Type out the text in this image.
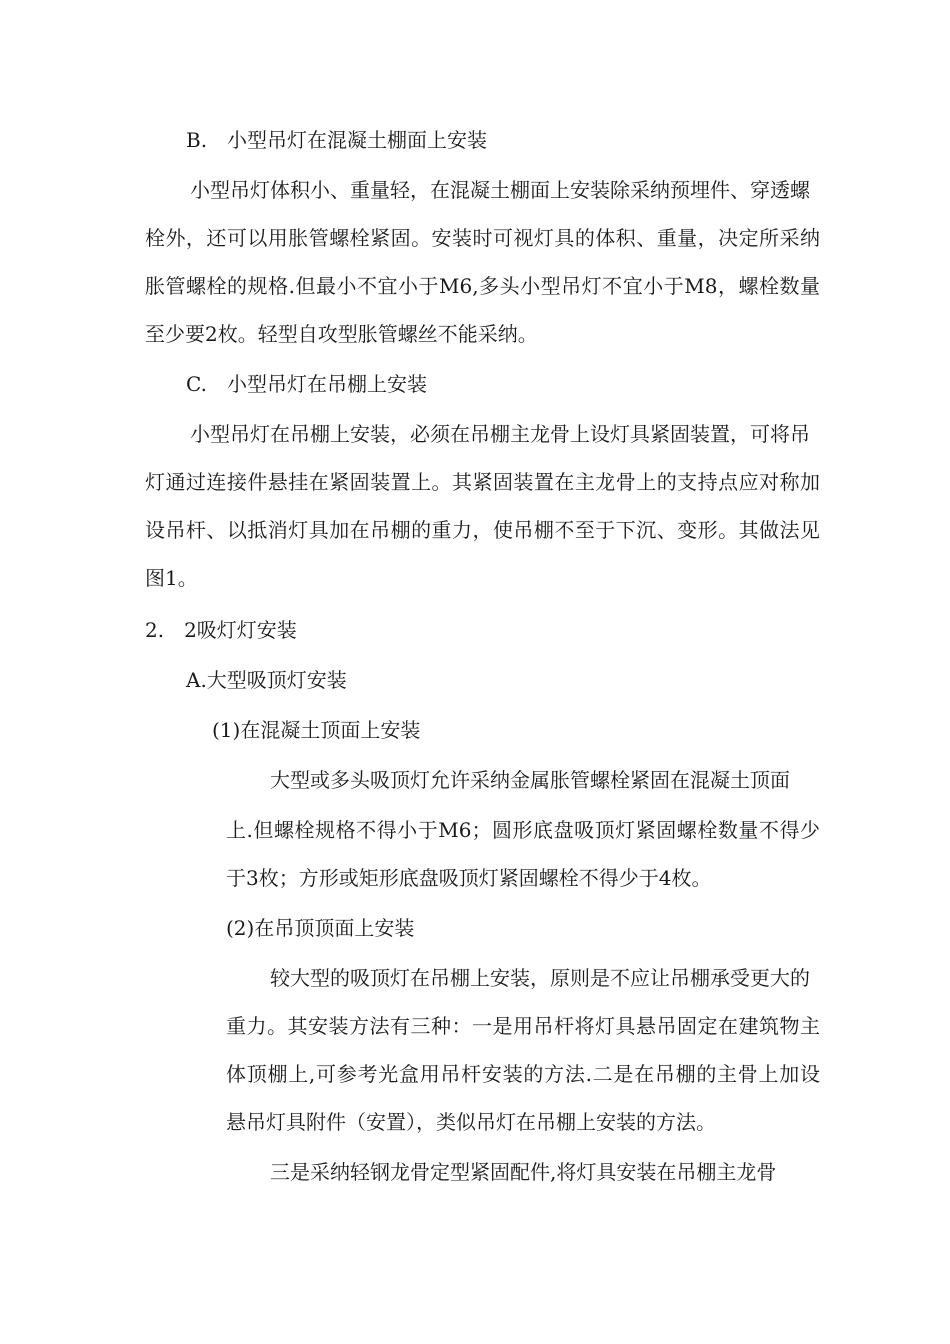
B.　小型吊灯在混凝土棚面上安装
小型吊灯体积小、重量轻，在混凝土棚面上安装除采纳预埋件、穿透螺
栓外，还可以用胀管螺栓紧固。安装时可视灯具的体积、重量，决定所采纳
胀管螺栓的规格.但最小不宜小于M6,多头小型吊灯不宜小于M8，螺栓数量
至少要2枚。轻型自攻型胀管螺丝不能采纳。
C.　小型吊灯在吊棚上安装
小型吊灯在吊棚上安装，必须在吊棚主龙骨上设灯具紧固装置，可将吊
灯通过连接件悬挂在紧固装置上。其紧固装置在主龙骨上的支持点应对称加
设吊杆、以抵消灯具加在吊棚的重力，使吊棚不至于下沉、变形。其做法见
图1。
2.　2吸灯灯安装
A.大型吸顶灯安装
(1)在混凝土顶面上安装
大型或多头吸顶灯允许采纳金属胀管螺栓紧固在混凝土顶面
上.但螺栓规格不得小于M6；圆形底盘吸顶灯紧固螺栓数量不得少
于3枚；方形或矩形底盘吸顶灯紧固螺栓不得少于4枚。
(2)在吊顶顶面上安装
较大型的吸顶灯在吊棚上安装，原则是不应让吊棚承受更大的
重力。其安装方法有三种：一是用吊杆将灯具悬吊固定在建筑物主
体顶棚上,可参考光盒用吊杆安装的方法.二是在吊棚的主骨上加设
悬吊灯具附件（安置），类似吊灯在吊棚上安装的方法。
三是采纳轻钢龙骨定型紧固配件,将灯具安装在吊棚主龙骨
